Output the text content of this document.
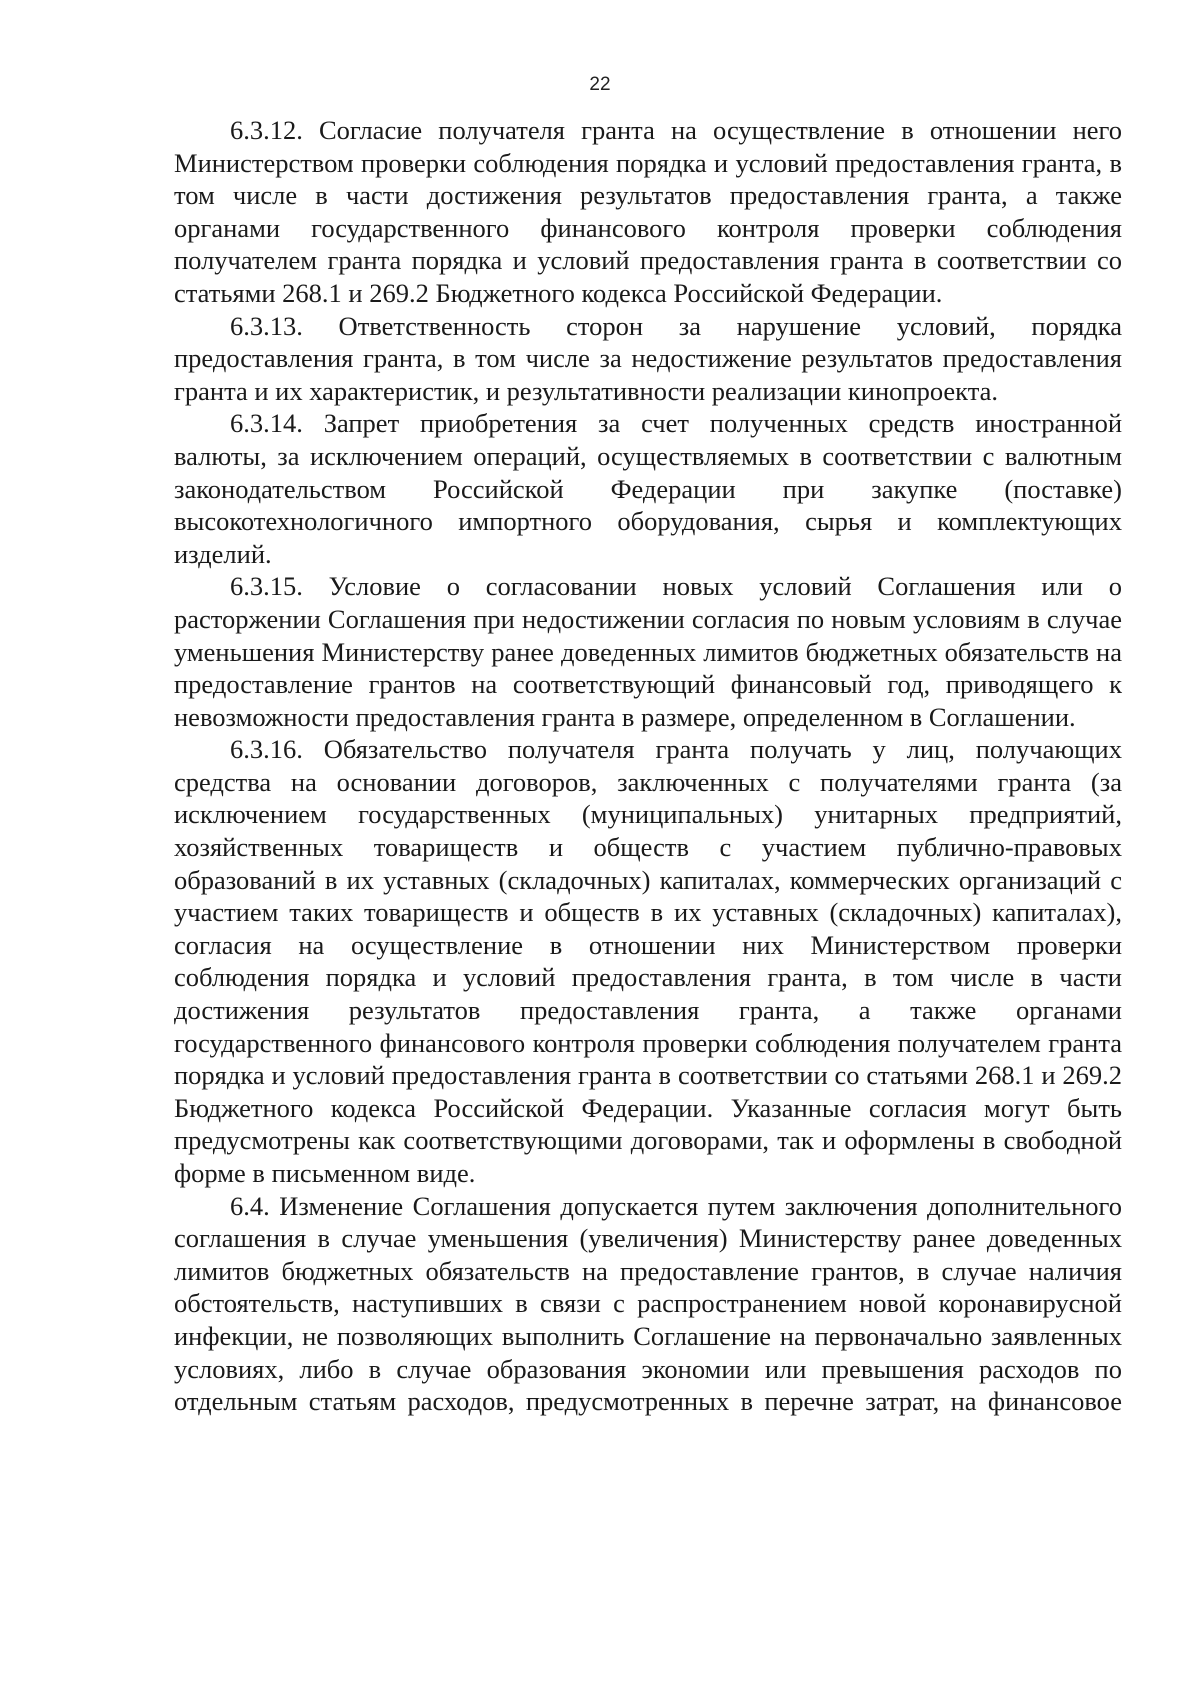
22

6.3.12. Согласие получателя гранта на осуществление в отношении него Министерством проверки соблюдения порядка и условий предоставления гранта, в том числе в части достижения результатов предоставления гранта, а также органами государственного финансового контроля проверки соблюдения получателем гранта порядка и условий предоставления гранта в соответствии со статьями 268.1 и 269.2 Бюджетного кодекса Российской Федерации.

6.3.13. Ответственность сторон за нарушение условий, порядка предоставления гранта, в том числе за недостижение результатов предоставления гранта и их характеристик, и результативности реализации кинопроекта.

6.3.14. Запрет приобретения за счет полученных средств иностранной валюты, за исключением операций, осуществляемых в соответствии с валютным законодательством Российской Федерации при закупке (поставке) высокотехнологичного импортного оборудования, сырья и комплектующих изделий.

6.3.15. Условие о согласовании новых условий Соглашения или о расторжении Соглашения при недостижении согласия по новым условиям в случае уменьшения Министерству ранее доведенных лимитов бюджетных обязательств на предоставление грантов на соответствующий финансовый год, приводящего к невозможности предоставления гранта в размере, определенном в Соглашении.

6.3.16. Обязательство получателя гранта получать у лиц, получающих средства на основании договоров, заключенных с получателями гранта (за исключением государственных (муниципальных) унитарных предприятий, хозяйственных товариществ и обществ с участием публично-правовых образований в их уставных (складочных) капиталах, коммерческих организаций с участием таких товариществ и обществ в их уставных (складочных) капиталах), согласия на осуществление в отношении них Министерством проверки соблюдения порядка и условий предоставления гранта, в том числе в части достижения результатов предоставления гранта, а также органами государственного финансового контроля проверки соблюдения получателем гранта порядка и условий предоставления гранта в соответствии со статьями 268.1 и 269.2 Бюджетного кодекса Российской Федерации. Указанные согласия могут быть предусмотрены как соответствующими договорами, так и оформлены в свободной форме в письменном виде.

6.4. Изменение Соглашения допускается путем заключения дополнительного соглашения в случае уменьшения (увеличения) Министерству ранее доведенных лимитов бюджетных обязательств на предоставление грантов, в случае наличия обстоятельств, наступивших в связи с распространением новой коронавирусной инфекции, не позволяющих выполнить Соглашение на первоначально заявленных условиях, либо в случае образования экономии или превышения расходов по отдельным статьям расходов, предусмотренных в перечне затрат, на финансовое
